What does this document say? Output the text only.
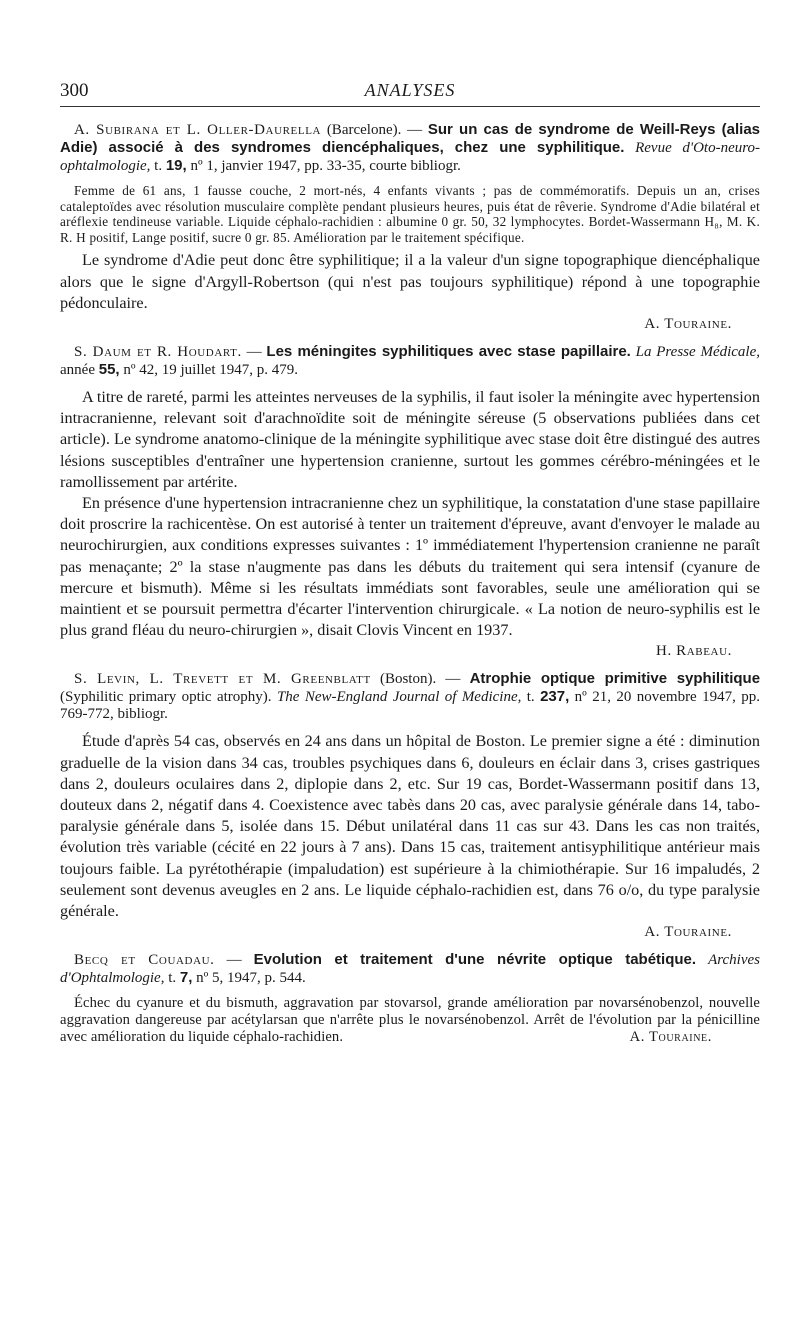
300	ANALYSES

A. Subirana et L. Oller-Daurella (Barcelone). — Sur un cas de syndrome de Weill-Reys (alias Adie) associé à des syndromes diencéphaliques, chez une syphilitique. Revue d'Oto-neuro-ophtalmologie, t. 19, nº 1, janvier 1947, pp. 33-35, courte bibliogr.

Femme de 61 ans, 1 fausse couche, 2 mort-nés, 4 enfants vivants ; pas de commémoratifs. Depuis un an, crises cataleptoïdes avec résolution musculaire complète pendant plusieurs heures, puis état de rêverie. Syndrome d'Adie bilatéral et aréflexie tendineuse variable. Liquide céphalo-rachidien : albumine 0 gr. 50, 32 lymphocytes. Bordet-Wassermann H₈, M. K. R. H positif, Lange positif, sucre 0 gr. 85. Amélioration par le traitement spécifique.

Le syndrome d'Adie peut donc être syphilitique; il a la valeur d'un signe topographique diencéphalique alors que le signe d'Argyll-Robertson (qui n'est pas toujours syphilitique) répond à une topographie pédonculaire.

A. Touraine.

S. Daum et R. Houdart. — Les méningites syphilitiques avec stase papillaire. La Presse Médicale, année 55, nº 42, 19 juillet 1947, p. 479.

A titre de rareté, parmi les atteintes nerveuses de la syphilis, il faut isoler la méningite avec hypertension intracranienne, relevant soit d'arachnoïdite soit de méningite séreuse (5 observations publiées dans cet article). Le syndrome anatomo-clinique de la méningite syphilitique avec stase doit être distingué des autres lésions susceptibles d'entraîner une hypertension cranienne, surtout les gommes cérébro-méningées et le ramollissement par artérite.

En présence d'une hypertension intracranienne chez un syphilitique, la constatation d'une stase papillaire doit proscrire la rachicentèse. On est autorisé à tenter un traitement d'épreuve, avant d'envoyer le malade au neurochirurgien, aux conditions expresses suivantes : 1º immédiatement l'hypertension cranienne ne paraît pas menaçante; 2º la stase n'augmente pas dans les débuts du traitement qui sera intensif (cyanure de mercure et bismuth). Même si les résultats immédiats sont favorables, seule une amélioration qui se maintient et se poursuit permettra d'écarter l'intervention chirurgicale. « La notion de neuro-syphilis est le plus grand fléau du neuro-chirurgien », disait Clovis Vincent en 1937.

H. Rabeau.

S. Levin, L. Trevett et M. Greenblatt (Boston). — Atrophie optique primitive syphilitique (Syphilitic primary optic atrophy). The New-England Journal of Medicine, t. 237, nº 21, 20 novembre 1947, pp. 769-772, bibliogr.

Étude d'après 54 cas, observés en 24 ans dans un hôpital de Boston. Le premier signe a été : diminution graduelle de la vision dans 34 cas, troubles psychiques dans 6, douleurs en éclair dans 3, crises gastriques dans 2, douleurs oculaires dans 2, diplopie dans 2, etc. Sur 19 cas, Bordet-Wassermann positif dans 13, douteux dans 2, négatif dans 4. Coexistence avec tabès dans 20 cas, avec paralysie générale dans 14, tabo-paralysie générale dans 5, isolée dans 15. Début unilatéral dans 11 cas sur 43. Dans les cas non traités, évolution très variable (cécité en 22 jours à 7 ans). Dans 15 cas, traitement antisyphilitique antérieur mais toujours faible. La pyrétothérapie (impaludation) est supérieure à la chimiothérapie. Sur 16 impaludés, 2 seulement sont devenus aveugles en 2 ans. Le liquide céphalo-rachidien est, dans 76 o/o, du type paralysie générale.

A. Touraine.

Becq et Couadau. — Evolution et traitement d'une névrite optique tabétique. Archives d'Ophtalmologie, t. 7, nº 5, 1947, p. 544.

Échec du cyanure et du bismuth, aggravation par stovarsol, grande amélioration par novarsénobenzol, nouvelle aggravation dangereuse par acétylarsan que n'arrête plus le novarsénobenzol. Arrêt de l'évolution par la pénicilline avec amélioration du liquide céphalo-rachidien.	A. Touraine.
